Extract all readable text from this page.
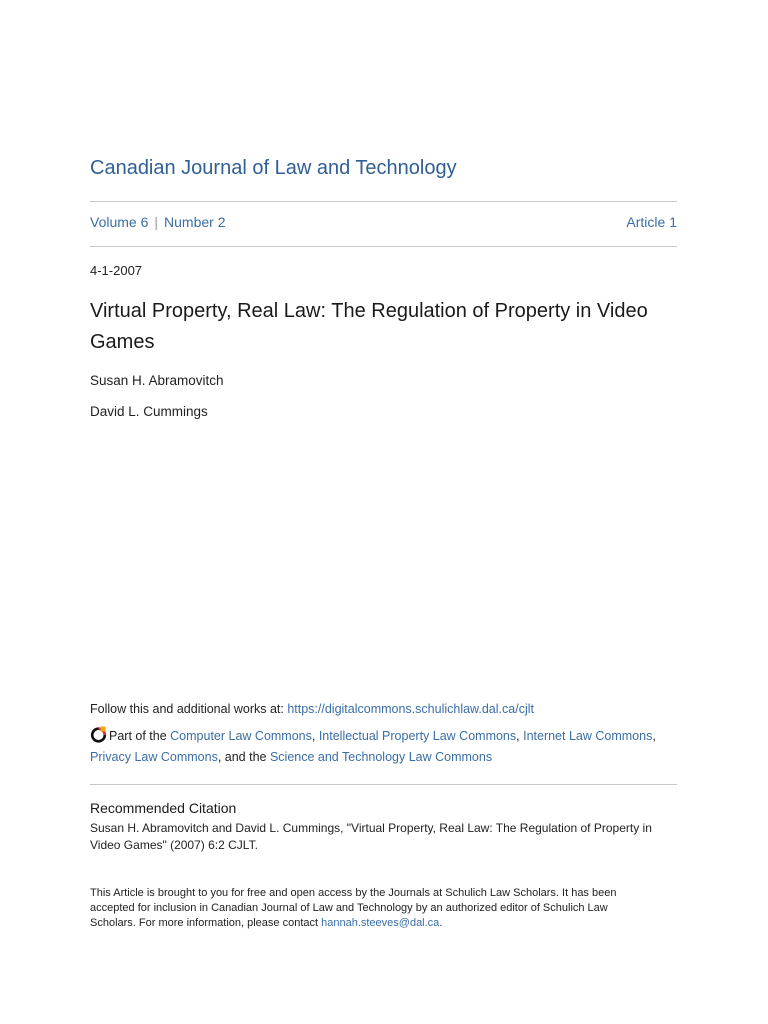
Canadian Journal of Law and Technology
Volume 6 | Number 2	Article 1
4-1-2007
Virtual Property, Real Law: The Regulation of Property in Video Games
Susan H. Abramovitch
David L. Cummings
Follow this and additional works at: https://digitalcommons.schulichlaw.dal.ca/cjlt
Part of the Computer Law Commons, Intellectual Property Law Commons, Internet Law Commons,
Privacy Law Commons, and the Science and Technology Law Commons
Recommended Citation
Susan H. Abramovitch and David L. Cummings, "Virtual Property, Real Law: The Regulation of Property in Video Games" (2007) 6:2 CJLT.
This Article is brought to you for free and open access by the Journals at Schulich Law Scholars. It has been accepted for inclusion in Canadian Journal of Law and Technology by an authorized editor of Schulich Law Scholars. For more information, please contact hannah.steeves@dal.ca.
